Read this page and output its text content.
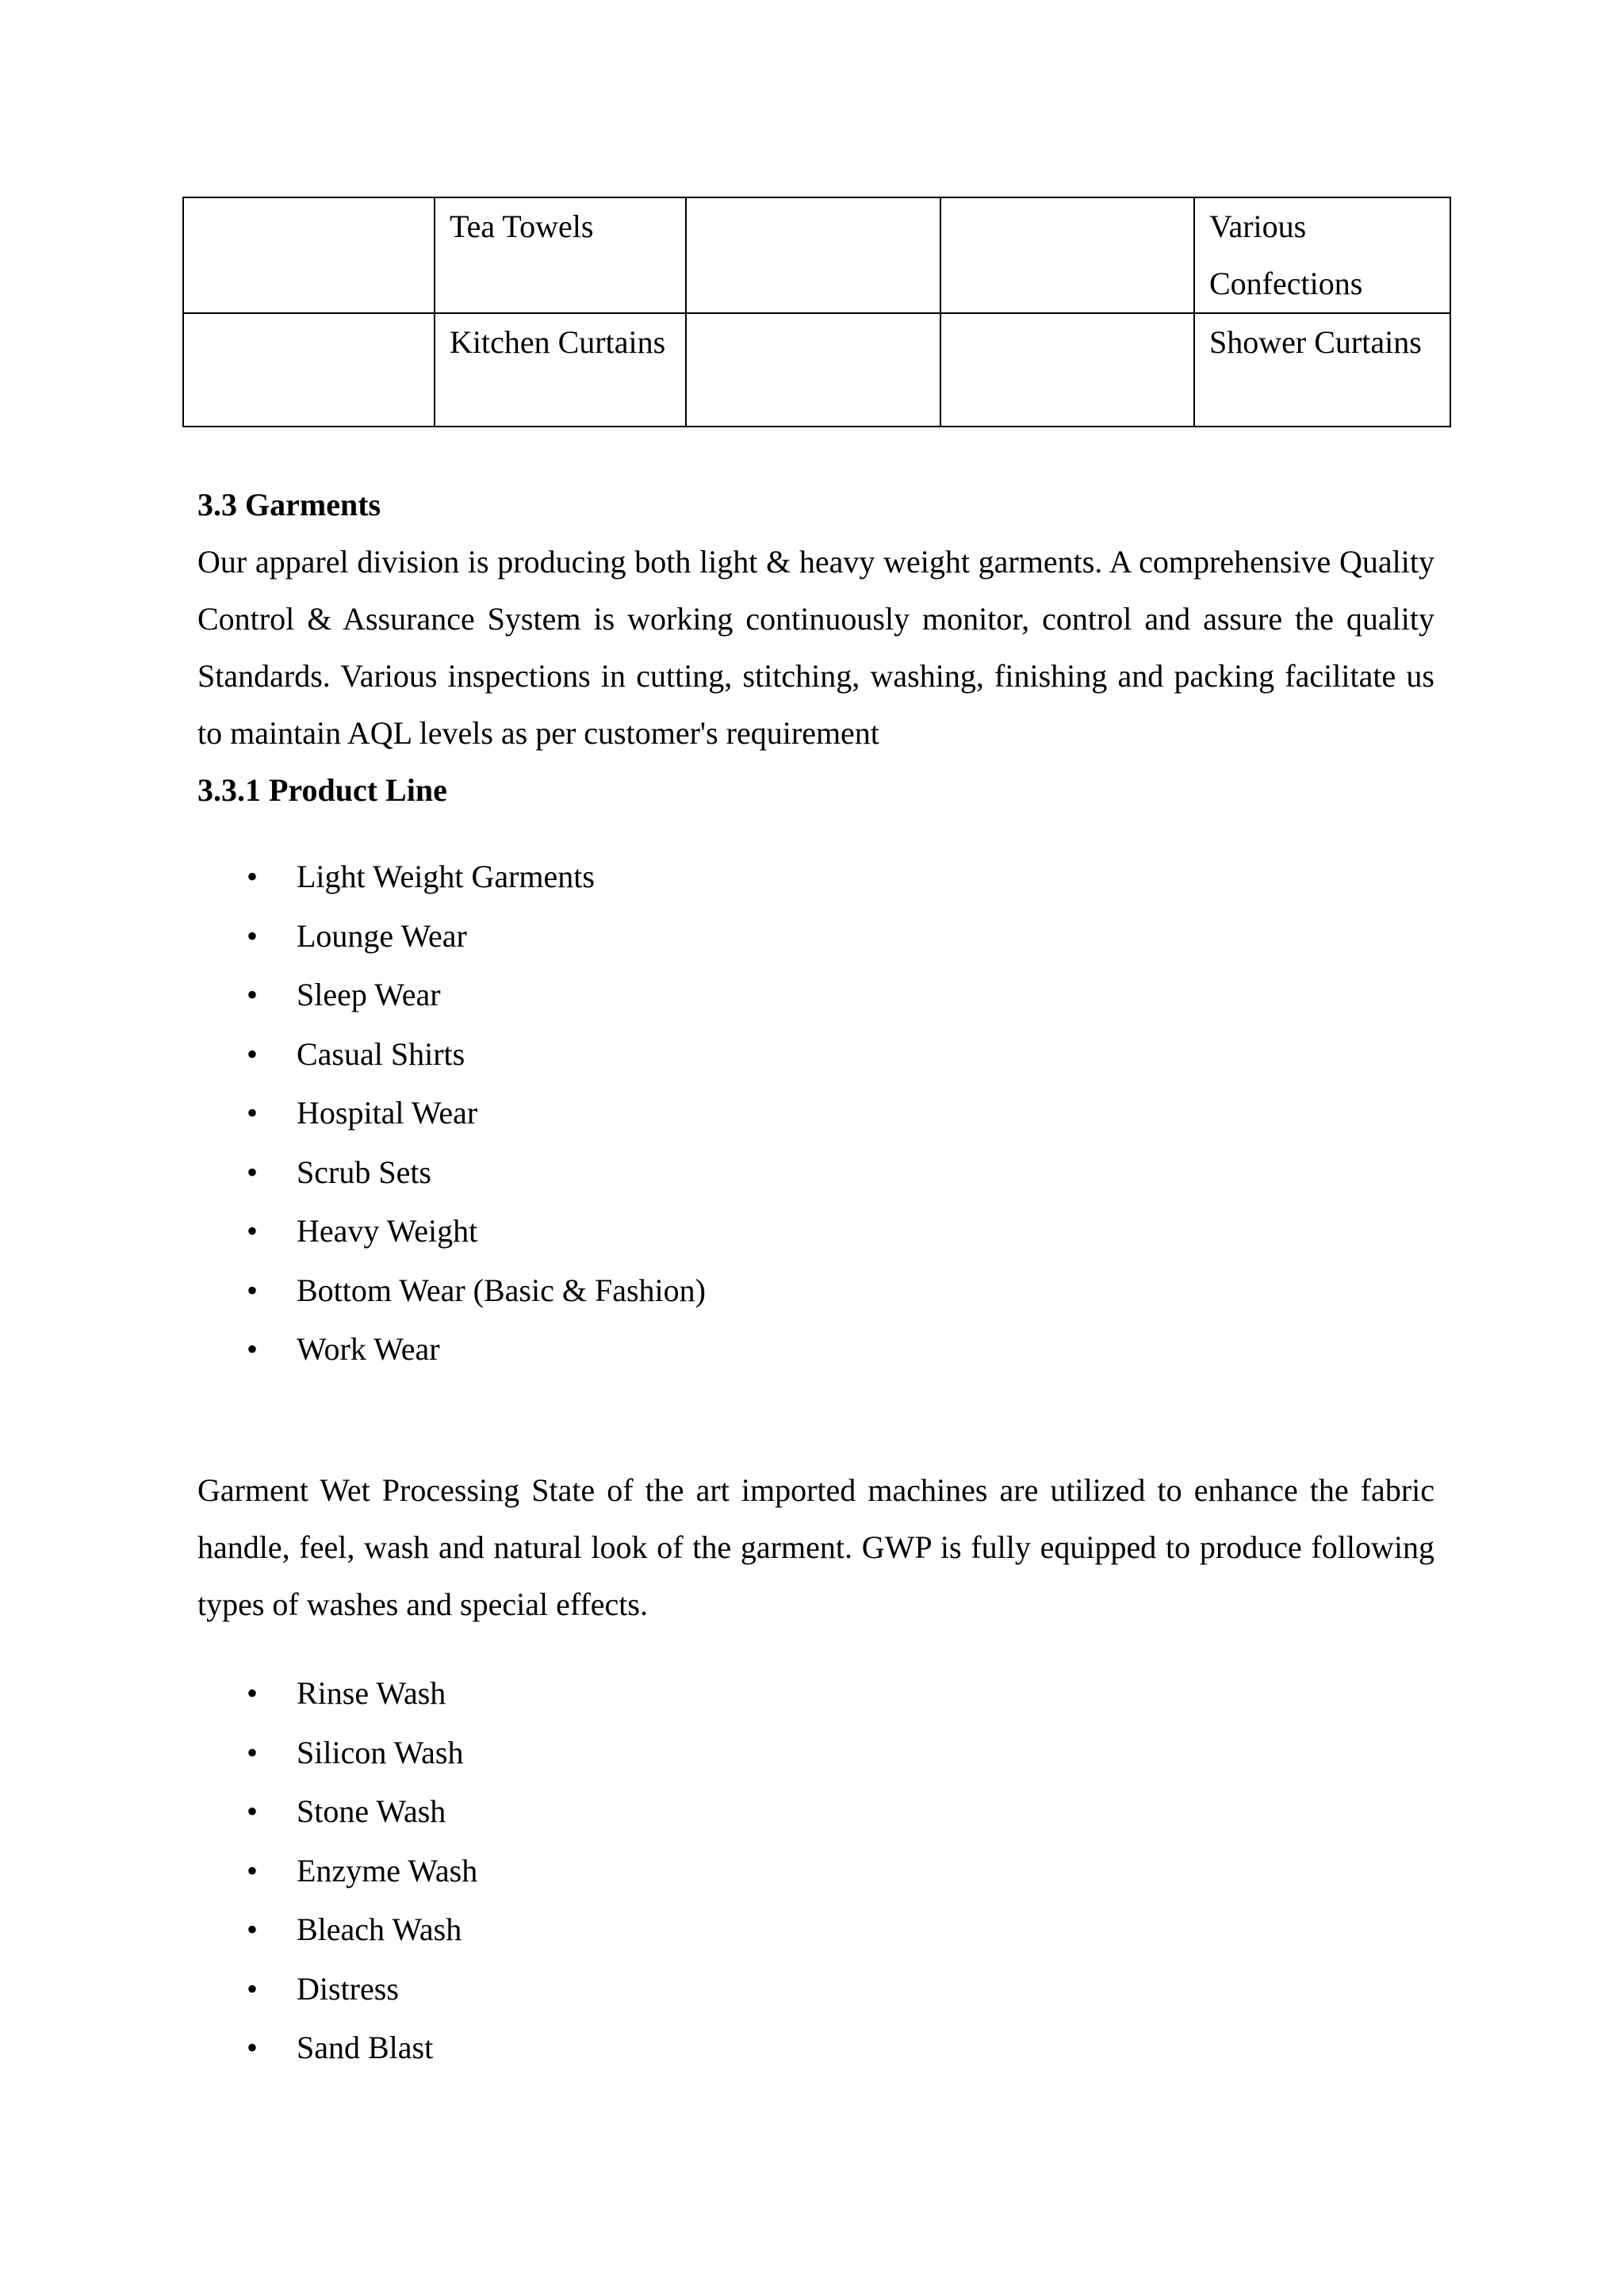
	Tea Towels			Various Confections
	Kitchen Curtains			Shower Curtains
3.3 Garments

Our apparel division is producing both light & heavy weight garments. A comprehensive Quality Control & Assurance System is working continuously monitor, control and assure the quality Standards. Various inspections in cutting, stitching, washing, finishing and packing facilitate us to maintain AQL levels as per customer's requirement

3.3.1 Product Line
• Light Weight Garments
• Lounge Wear
• Sleep Wear
• Casual Shirts
• Hospital Wear
• Scrub Sets
• Heavy Weight
• Bottom Wear (Basic & Fashion)
• Work Wear

Garment Wet Processing State of the art imported machines are utilized to enhance the fabric handle, feel, wash and natural look of the garment. GWP is fully equipped to produce following types of washes and special effects.

• Rinse Wash
• Silicon Wash
• Stone Wash
• Enzyme Wash
• Bleach Wash
• Distress
• Sand Blast
